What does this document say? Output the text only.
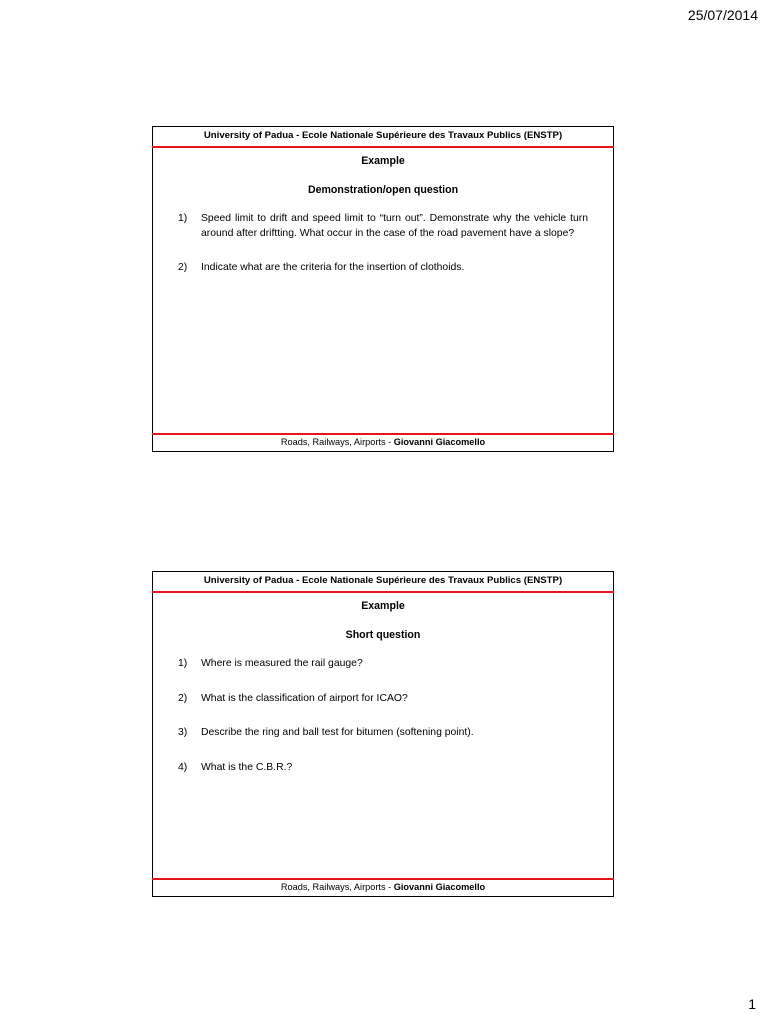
25/07/2014
University of Padua - Ecole Nationale Supérieure des Travaux Publics (ENSTP)
Example
Demonstration/open question
1)	Speed limit to drift and speed limit to “turn out”. Demonstrate why the vehicle turn around after driftting. What occur in the case of the road pavement have a slope?
2)	Indicate what are the criteria for the insertion of clothoids.
Roads, Railways, Airports - Giovanni Giacomello
University of Padua - Ecole Nationale Supérieure des Travaux Publics (ENSTP)
Example
Short question
1)	Where is measured the rail gauge?
2)	What is the classification of airport for ICAO?
3)	Describe the ring and ball test for bitumen (softening point).
4)	What is the C.B.R.?
Roads, Railways, Airports - Giovanni Giacomello
1
